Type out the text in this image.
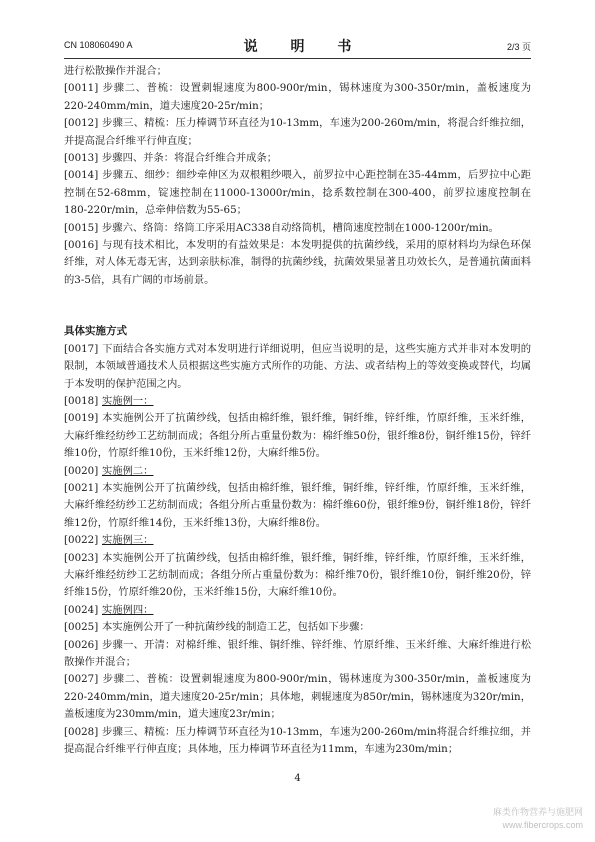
CN 108060490 A	说 明 书	2/3 页
进行松散操作并混合；
[0011] 步骤二、普梳：设置刺辊速度为800-900r/min，锡林速度为300-350r/min，盖板速度为220-240mm/min，道夫速度20-25r/min；
[0012] 步骤三、精梳：压力棒调节环直径为10-13mm，车速为200-260m/min，将混合纤维拉细，并提高混合纤维平行伸直度；
[0013] 步骤四、并条：将混合纤维合并成条；
[0014] 步骤五、细纱：细纱牵伸区为双根粗纱喂入，前罗拉中心距控制在35-44mm，后罗拉中心距控制在52-68mm，锭速控制在11000-13000r/min，捻系数控制在300-400，前罗拉速度控制在180-220r/min，总牵伸倍数为55-65；
[0015] 步骤六、络筒：络筒工序采用AC338自动络筒机，槽筒速度控制在1000-1200r/min。
[0016] 与现有技术相比，本发明的有益效果是：本发明提供的抗菌纱线，采用的原材料均为绿色环保纤维，对人体无毒无害，达到亲肤标准，制得的抗菌纱线，抗菌效果显著且功效长久，是普通抗菌面料的3-5倍，具有广阔的市场前景。
具体实施方式
[0017] 下面结合各实施方式对本发明进行详细说明，但应当说明的是，这些实施方式并非对本发明的限制，本领域普通技术人员根据这些实施方式所作的功能、方法、或者结构上的等效变换或替代，均属于本发明的保护范围之内。
[0018] 实施例一：
[0019] 本实施例公开了抗菌纱线，包括由棉纤维，银纤维，铜纤维，锌纤维，竹原纤维，玉米纤维，大麻纤维经纺纱工艺纺制而成；各组分所占重量份数为：棉纤维50份，银纤维8份，铜纤维15份，锌纤维10份，竹原纤维10份，玉米纤维12份，大麻纤维5份。
[0020] 实施例二：
[0021] 本实施例公开了抗菌纱线，包括由棉纤维，银纤维，铜纤维，锌纤维，竹原纤维，玉米纤维，大麻纤维经纺纱工艺纺制而成；各组分所占重量份数为：棉纤维60份，银纤维9份，铜纤维18份，锌纤维12份，竹原纤维14份，玉米纤维13份，大麻纤维8份。
[0022] 实施例三：
[0023] 本实施例公开了抗菌纱线，包括由棉纤维，银纤维，铜纤维，锌纤维，竹原纤维，玉米纤维，大麻纤维经纺纱工艺纺制而成；各组分所占重量份数为：棉纤维70份，银纤维10份，铜纤维20份，锌纤维15份，竹原纤维20份，玉米纤维15份，大麻纤维10份。
[0024] 实施例四：
[0025] 本实施例公开了一种抗菌纱线的制造工艺，包括如下步骤：
[0026] 步骤一、开清：对棉纤维、银纤维、铜纤维、锌纤维、竹原纤维、玉米纤维、大麻纤维进行松散操作并混合；
[0027] 步骤二、普梳：设置刺辊速度为800-900r/min，锡林速度为300-350r/min，盖板速度为220-240mm/min，道夫速度20-25r/min；具体地，刺辊速度为850r/min，锡林速度为320r/min，盖板速度为230mm/min，道夫速度23r/min；
[0028] 步骤三、精梳：压力棒调节环直径为10-13mm，车速为200-260m/min将混合纤维拉细，并提高混合纤维平行伸直度；具体地，压力棒调节环直径为11mm，车速为230m/min；
4
麻类作物营养与施肥网
www.fibercrops.com
